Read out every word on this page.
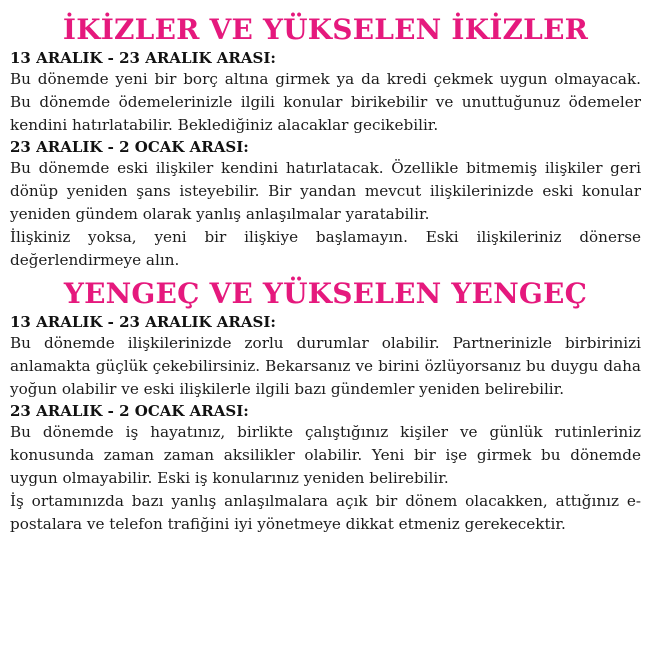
İKİZLER VE YÜKSELEN İKİZLER

13 ARALIK - 23 ARALIK ARASI:

Bu dönemde yeni bir borç altına girmek ya da kredi çekmek uygun olmayacak. Bu dönemde ödemelerinizle ilgili konular birikebilir ve unuttuğunuz ödemeler kendini hatırlatabilir. Beklediğiniz alacaklar gecikebilir.

23 ARALIK - 2 OCAK ARASI:

Bu dönemde eski ilişkiler kendini hatırlatacak. Özellikle bitmemiş ilişkiler geri dönüp yeniden şans isteyebilir. Bir yandan mevcut ilişkilerinizde eski konular yeniden gündem olarak yanlış anlaşılmalar yaratabilir.

İlişkiniz yoksa, yeni bir ilişkiye başlamayın. Eski ilişkileriniz dönerse değerlendirmeye alın.

YENGEÇ VE YÜKSELEN YENGEÇ

13 ARALIK - 23 ARALIK ARASI:

Bu dönemde ilişkilerinizde zorlu durumlar olabilir. Partnerinizle birbirinizi anlamakta güçlük çekebilirsiniz. Bekarsanız ve birini özlüyorsanız bu duygu daha yoğun olabilir ve eski ilişkilerle ilgili bazı gündemler yeniden belirebilir.

23 ARALIK - 2 OCAK ARASI:

Bu dönemde iş hayatınız, birlikte çalıştığınız kişiler ve günlük rutinleriniz konusunda zaman zaman aksilikler olabilir. Yeni bir işe girmek bu dönemde uygun olmayabilir. Eski iş konularınız yeniden belirebilir.

İş ortamınızda bazı yanlış anlaşılmalara açık bir dönem olacakken, attığınız e-postalara ve telefon trafiğini iyi yönetmeye dikkat etmeniz gerekecektir.
